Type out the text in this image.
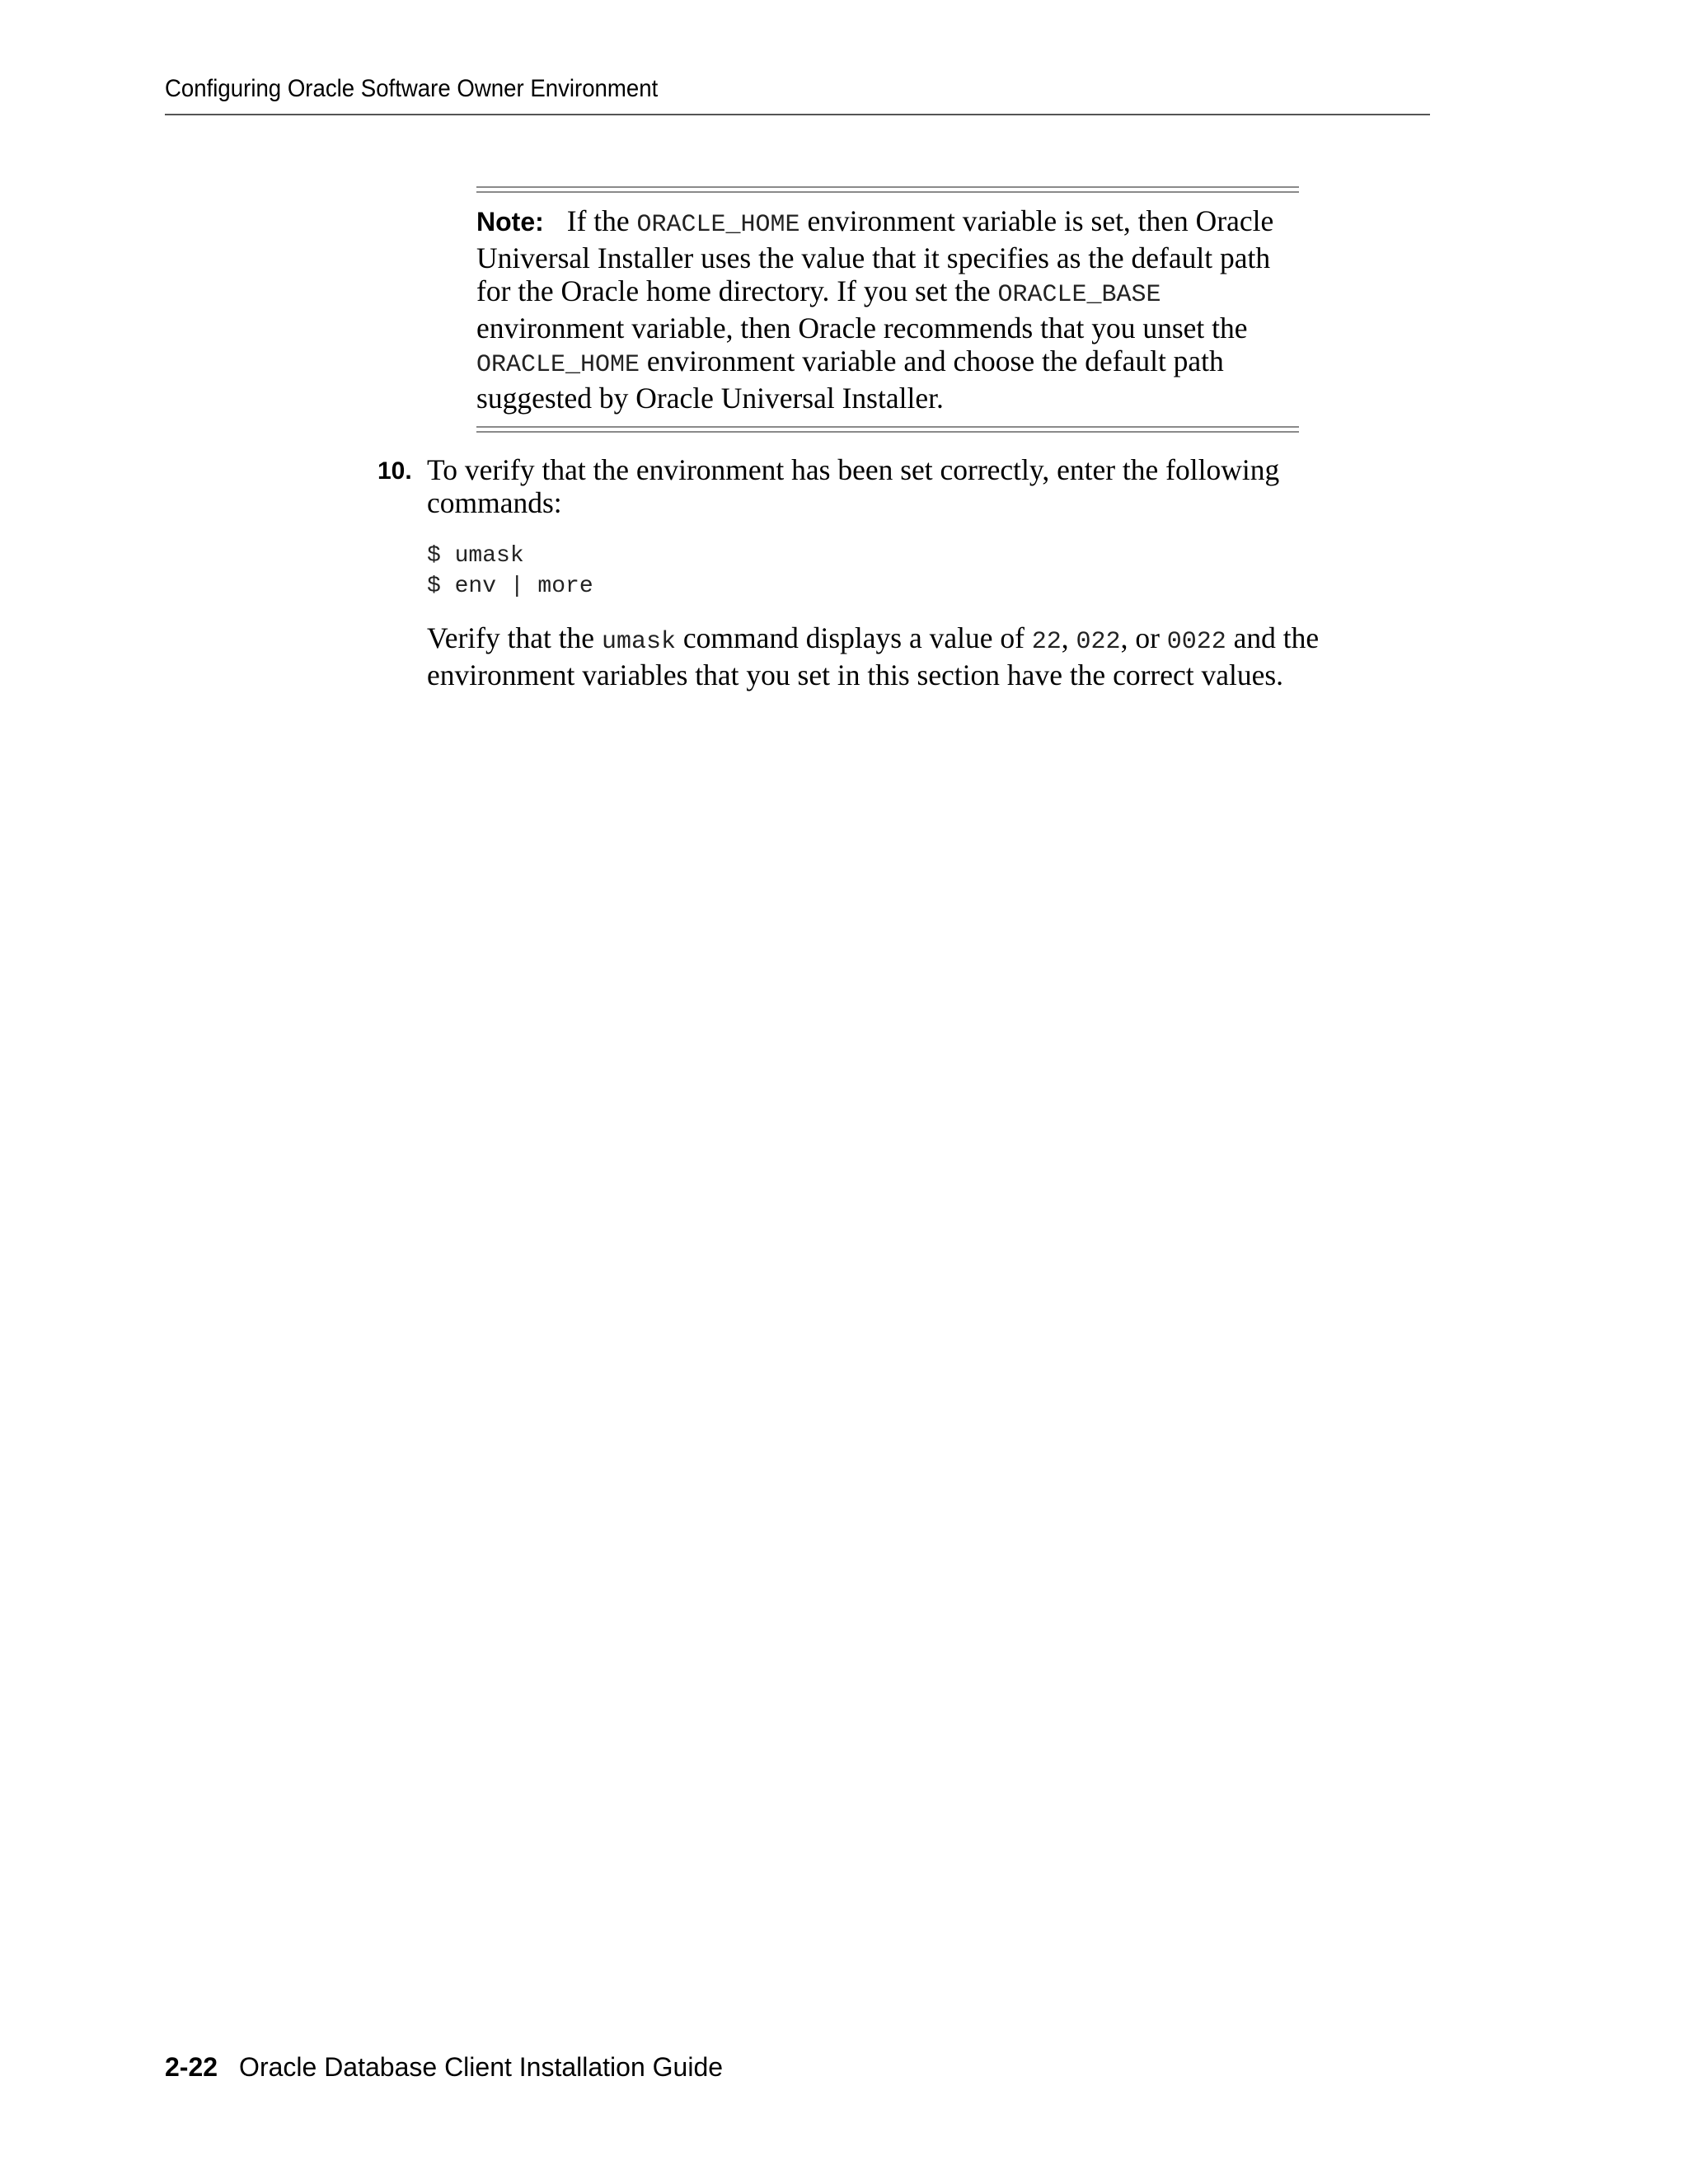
Configuring Oracle Software Owner Environment
Note: If the ORACLE_HOME environment variable is set, then Oracle Universal Installer uses the value that it specifies as the default path for the Oracle home directory. If you set the ORACLE_BASE environment variable, then Oracle recommends that you unset the ORACLE_HOME environment variable and choose the default path suggested by Oracle Universal Installer.
10. To verify that the environment has been set correctly, enter the following commands:

$ umask
$ env | more

Verify that the umask command displays a value of 22, 022, or 0022 and the environment variables that you set in this section have the correct values.

2-22 Oracle Database Client Installation Guide
